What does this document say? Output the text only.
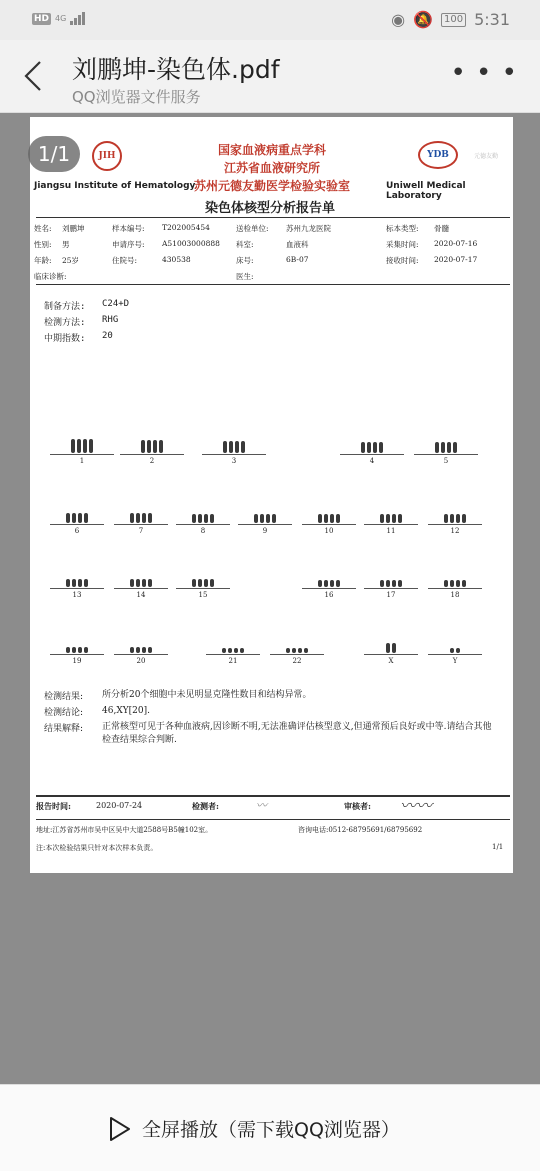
HD 4G	◉ 🔕	100 5:31
刘鹏坤-染色体.pdf
QQ浏览器文件服务
• • •
1/1	JIH
Jiangsu Institute of Hematology
国家血液病重点学科
江苏省血液研究所
苏州元德友勤医学检验实验室
染色体核型分析报告单
YDB	元德友勤
Uniwell Medical Laboratory
姓名: 刘鹏坤	样本编号: T202005454	送检单位: 苏州九龙医院	标本类型: 骨髓
性别: 男	申请序号: A51003000888 科室:	血液科	采集时间: 2020-07-16
年龄: 25岁	住院号:	430538	床号:	6B-07	接收时间: 2020-07-17
临床诊断:	医生:
制备方法: C24+D
检测方法: RHG
中期指数: 20
1	2	3	4	5
6	7	8	9	10	11	12
13	14	15	16	17	18
19	20	21	22	X	Y
检测结果:	所分析20个细胞中未见明显克隆性数目和结构异常。
检测结论:	46,XY[20].
结果解释:	正常核型可见于各种血液病,因诊断不明,无法准确评估核型意义,但通常预后良好或中等.请结合其他检查结果综合判断.
报告时间:	2020-07-24	检测者:	〰	审核者: 〰〰
地址:江苏省苏州市吴中区吴中大道2588号B5幢102室。	咨询电话:0512-68795691/68795692
注:本次检验结果只针对本次样本负责。	1/1
全屏播放（需下载QQ浏览器）
